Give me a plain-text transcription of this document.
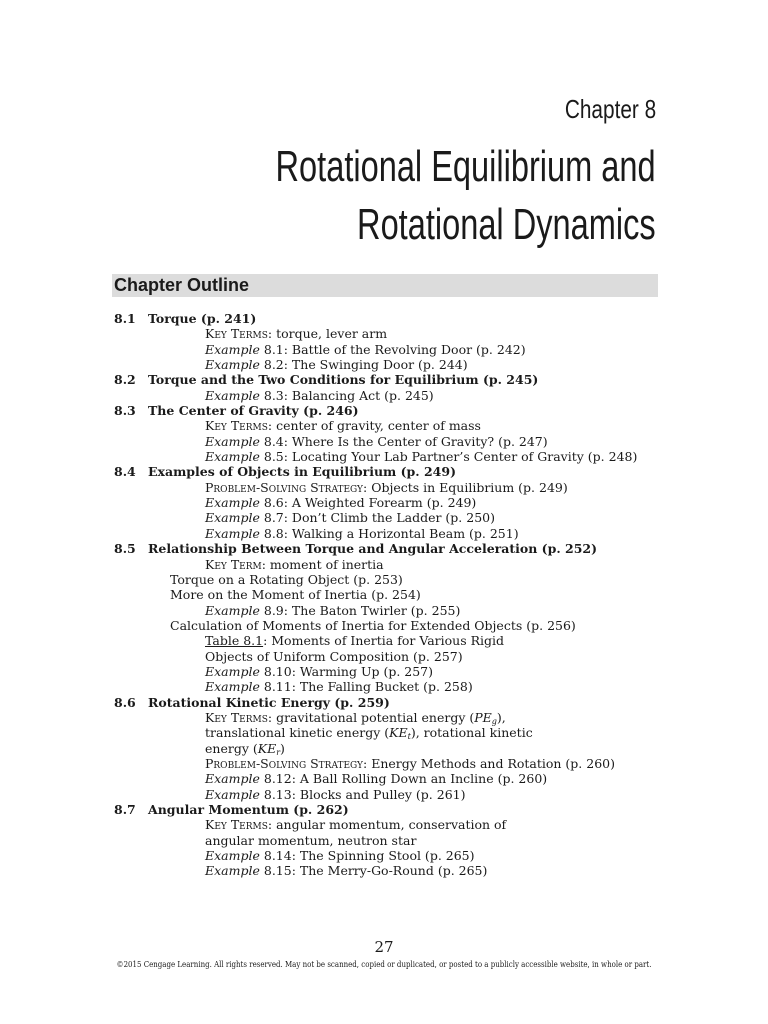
Chapter 8
Rotational Equilibrium and
Rotational Dynamics
Chapter Outline
8.1 Torque (p. 241)
Key Terms: torque, lever arm
Example 8.1: Battle of the Revolving Door (p. 242)
Example 8.2: The Swinging Door (p. 244)
8.2 Torque and the Two Conditions for Equilibrium (p. 245)
Example 8.3: Balancing Act (p. 245)
8.3 The Center of Gravity (p. 246)
Key Terms: center of gravity, center of mass
Example 8.4: Where Is the Center of Gravity? (p. 247)
Example 8.5: Locating Your Lab Partner’s Center of Gravity (p. 248)
8.4 Examples of Objects in Equilibrium (p. 249)
Problem-Solving Strategy: Objects in Equilibrium (p. 249)
Example 8.6: A Weighted Forearm (p. 249)
Example 8.7: Don’t Climb the Ladder (p. 250)
Example 8.8: Walking a Horizontal Beam (p. 251)
8.5 Relationship Between Torque and Angular Acceleration (p. 252)
Key Term: moment of inertia
Torque on a Rotating Object (p. 253)
More on the Moment of Inertia (p. 254)
Example 8.9: The Baton Twirler (p. 255)
Calculation of Moments of Inertia for Extended Objects (p. 256)
Table 8.1: Moments of Inertia for Various Rigid Objects of Uniform Composition (p. 257)
Example 8.10: Warming Up (p. 257)
Example 8.11: The Falling Bucket (p. 258)
8.6 Rotational Kinetic Energy (p. 259)
Key Terms: gravitational potential energy $(PE_g)$, translational kinetic energy $(KE_t)$, rotational kinetic energy $(KE_r)$
Problem-Solving Strategy: Energy Methods and Rotation (p. 260)
Example 8.12: A Ball Rolling Down an Incline (p. 260)
Example 8.13: Blocks and Pulley (p. 261)
8.7 Angular Momentum (p. 262)
Key Terms: angular momentum, conservation of angular momentum, neutron star
Example 8.14: The Spinning Stool (p. 265)
Example 8.15: The Merry-Go-Round (p. 265)
27
©2015 Cengage Learning. All rights reserved. May not be scanned, copied or duplicated, or posted to a publicly accessible website, in whole or part.
